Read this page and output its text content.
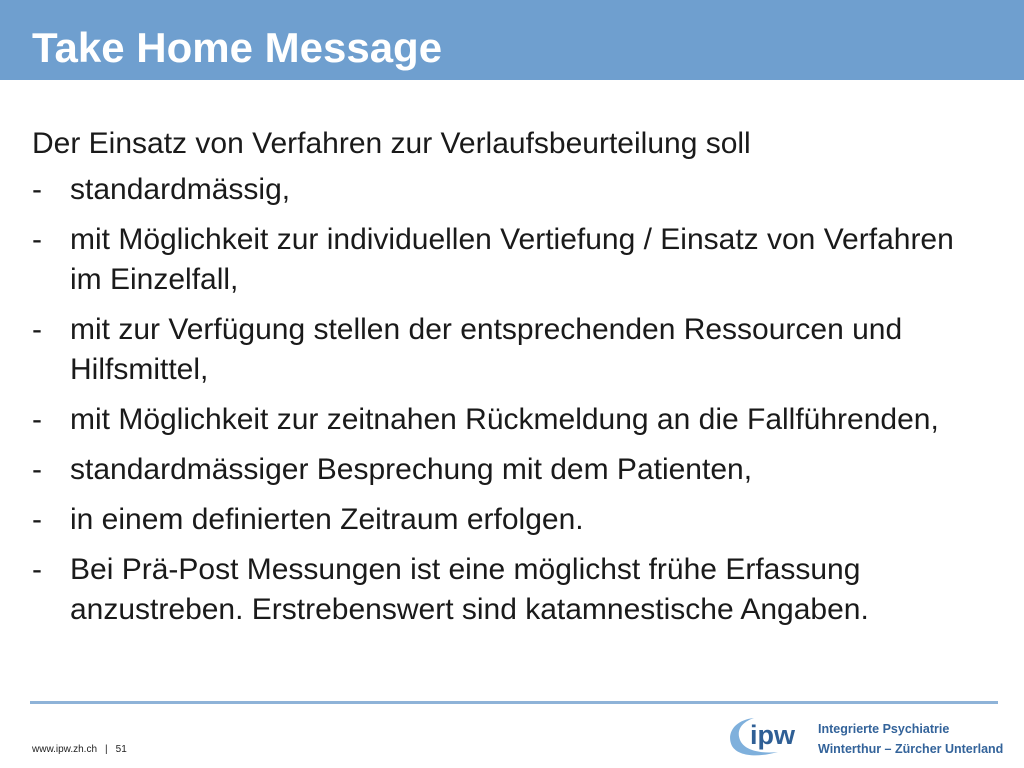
Take Home Message

Der Einsatz von Verfahren zur Verlaufsbeurteilung soll

- standardmässig,
- mit Möglichkeit zur individuellen Vertiefung / Einsatz von Verfahren im Einzelfall,
- mit zur Verfügung stellen der entsprechenden Ressourcen und Hilfsmittel,
- mit Möglichkeit zur zeitnahen Rückmeldung an die Fallführenden,
- standardmässiger Besprechung mit dem Patienten,
- in einem definierten Zeitraum erfolgen.
- Bei Prä-Post Messungen ist eine möglichst frühe Erfassung anzustreben. Erstrebenswert sind katamnestische Angaben.
www.ipw.zh.ch | 51	ipw Integrierte Psychiatrie
Winterthur – Zürcher Unterland
